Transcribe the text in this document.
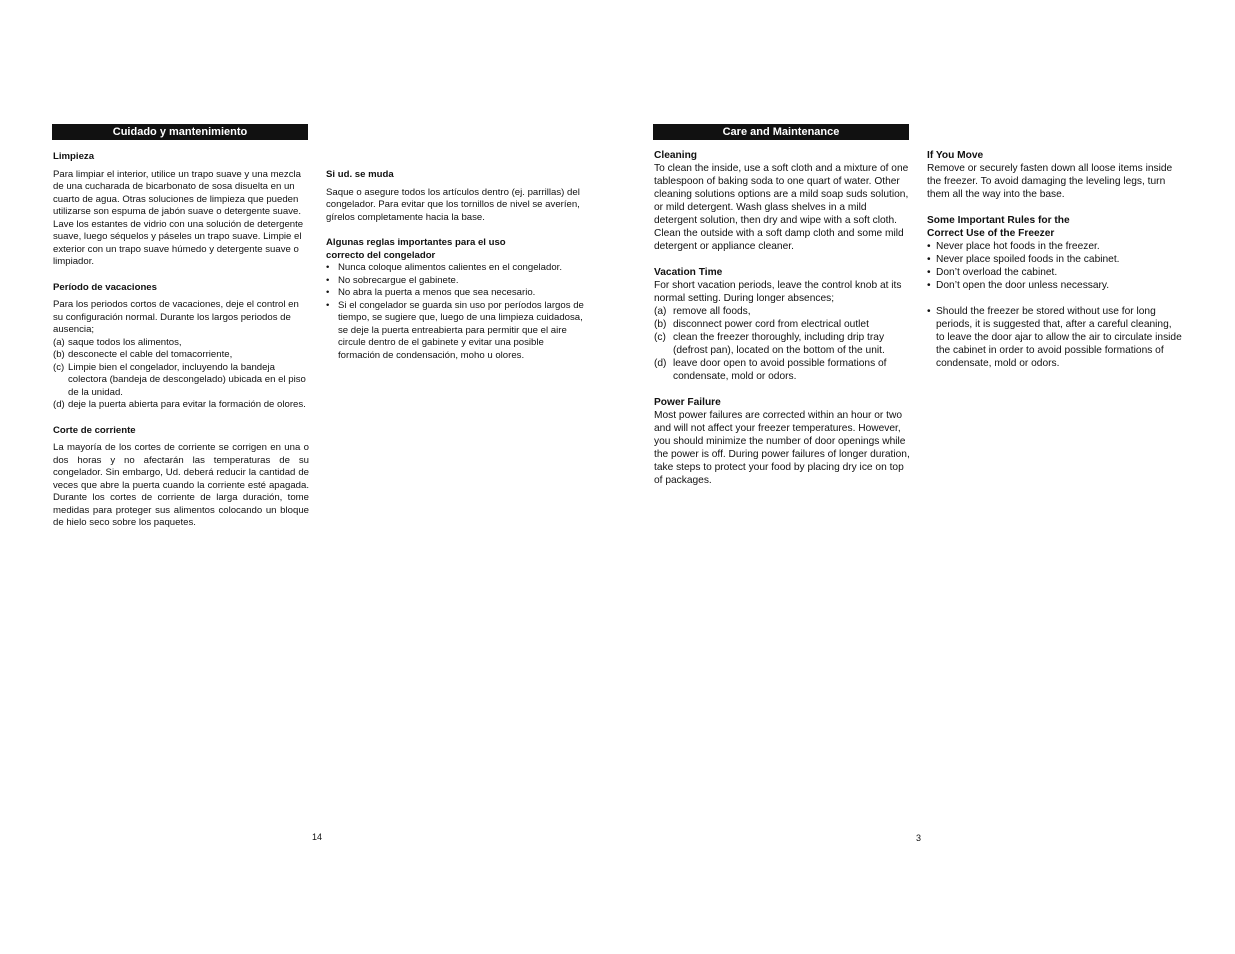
Cuidado y mantenimiento

Limpieza

Para limpiar el interior, utilice un trapo suave y una mezcla de una cucharada de bicarbonato de sosa disuelta en un cuarto de agua. Otras soluciones de limpieza que pueden utilizarse son espuma de jabón suave o detergente suave. Lave los estantes de vidrio con una solución de detergente suave, luego séquelos y páseles un trapo suave. Limpie el exterior con un trapo suave húmedo y detergente suave o limpiador.

Período de vacaciones

Para los periodos cortos de vacaciones, deje el control en su configuración normal. Durante los largos periodos de ausencia;

(a) saque todos los alimentos,
(b) desconecte el cable del tomacorriente,
(c) Limpie bien el congelador, incluyendo la bandeja colectora (bandeja de descongelado) ubicada en el piso de la unidad.
(d) deje la puerta abierta para evitar la formación de olores.

Corte de corriente

La mayoría de los cortes de corriente se corrigen en una o dos horas y no afectarán las temperaturas de su congelador. Sin embargo, Ud. deberá reducir la cantidad de veces que abre la puerta cuando la corriente esté apagada. Durante los cortes de corriente de larga duración, tome medidas para proteger sus alimentos colocando un bloque de hielo seco sobre los paquetes.

Si ud. se muda

Saque o asegure todos los artículos dentro (ej. parrillas) del congelador. Para evitar que los tornillos de nivel se averíen, gírelos completamente hacia la base.

Algunas reglas importantes para el uso

correcto del congelador

• Nunca coloque alimentos calientes en el congelador.
• No sobrecargue el gabinete.
• No abra la puerta a menos que sea necesario.
• Si el congelador se guarda sin uso por períodos largos de tiempo, se sugiere que, luego de una limpieza cuidadosa, se deje la puerta entreabierta para permitir que el aire circule dentro de el gabinete y evitar una posible formación de condensación, moho u olores.
14
Care and Maintenance

Cleaning

To clean the inside, use a soft cloth and a mixture of one tablespoon of baking soda to one quart of water. Other cleaning solutions options are a mild soap suds solution, or mild detergent. Wash glass shelves in a mild detergent solution, then dry and wipe with a soft cloth. Clean the outside with a soft damp cloth and some mild detergent or appliance cleaner.

Vacation Time

For short vacation periods, leave the control knob at its normal setting. During longer absences;

(a) remove all foods,
(b) disconnect power cord from electrical outlet
(c) clean the freezer thoroughly, including drip tray (defrost pan), located on the bottom of the unit.
(d) leave door open to avoid possible formations of condensate, mold or odors.

Power Failure

Most power failures are corrected within an hour or two and will not affect your freezer temperatures. However, you should minimize the number of door openings while the power is off. During power failures of longer duration, take steps to protect your food by placing dry ice on top of packages.

If You Move

Remove or securely fasten down all loose items inside the freezer. To avoid damaging the leveling legs, turn them all the way into the base.

Some Important Rules for the

Correct Use of the Freezer

• Never place hot foods in the freezer.
• Never place spoiled foods in the cabinet.
• Don’t overload the cabinet.
• Don’t open the door unless necessary.
• Should the freezer be stored without use for long periods, it is suggested that, after a careful cleaning, to leave the door ajar to allow the air to circulate inside the cabinet in order to avoid possible formations of condensate, mold or odors.
3
